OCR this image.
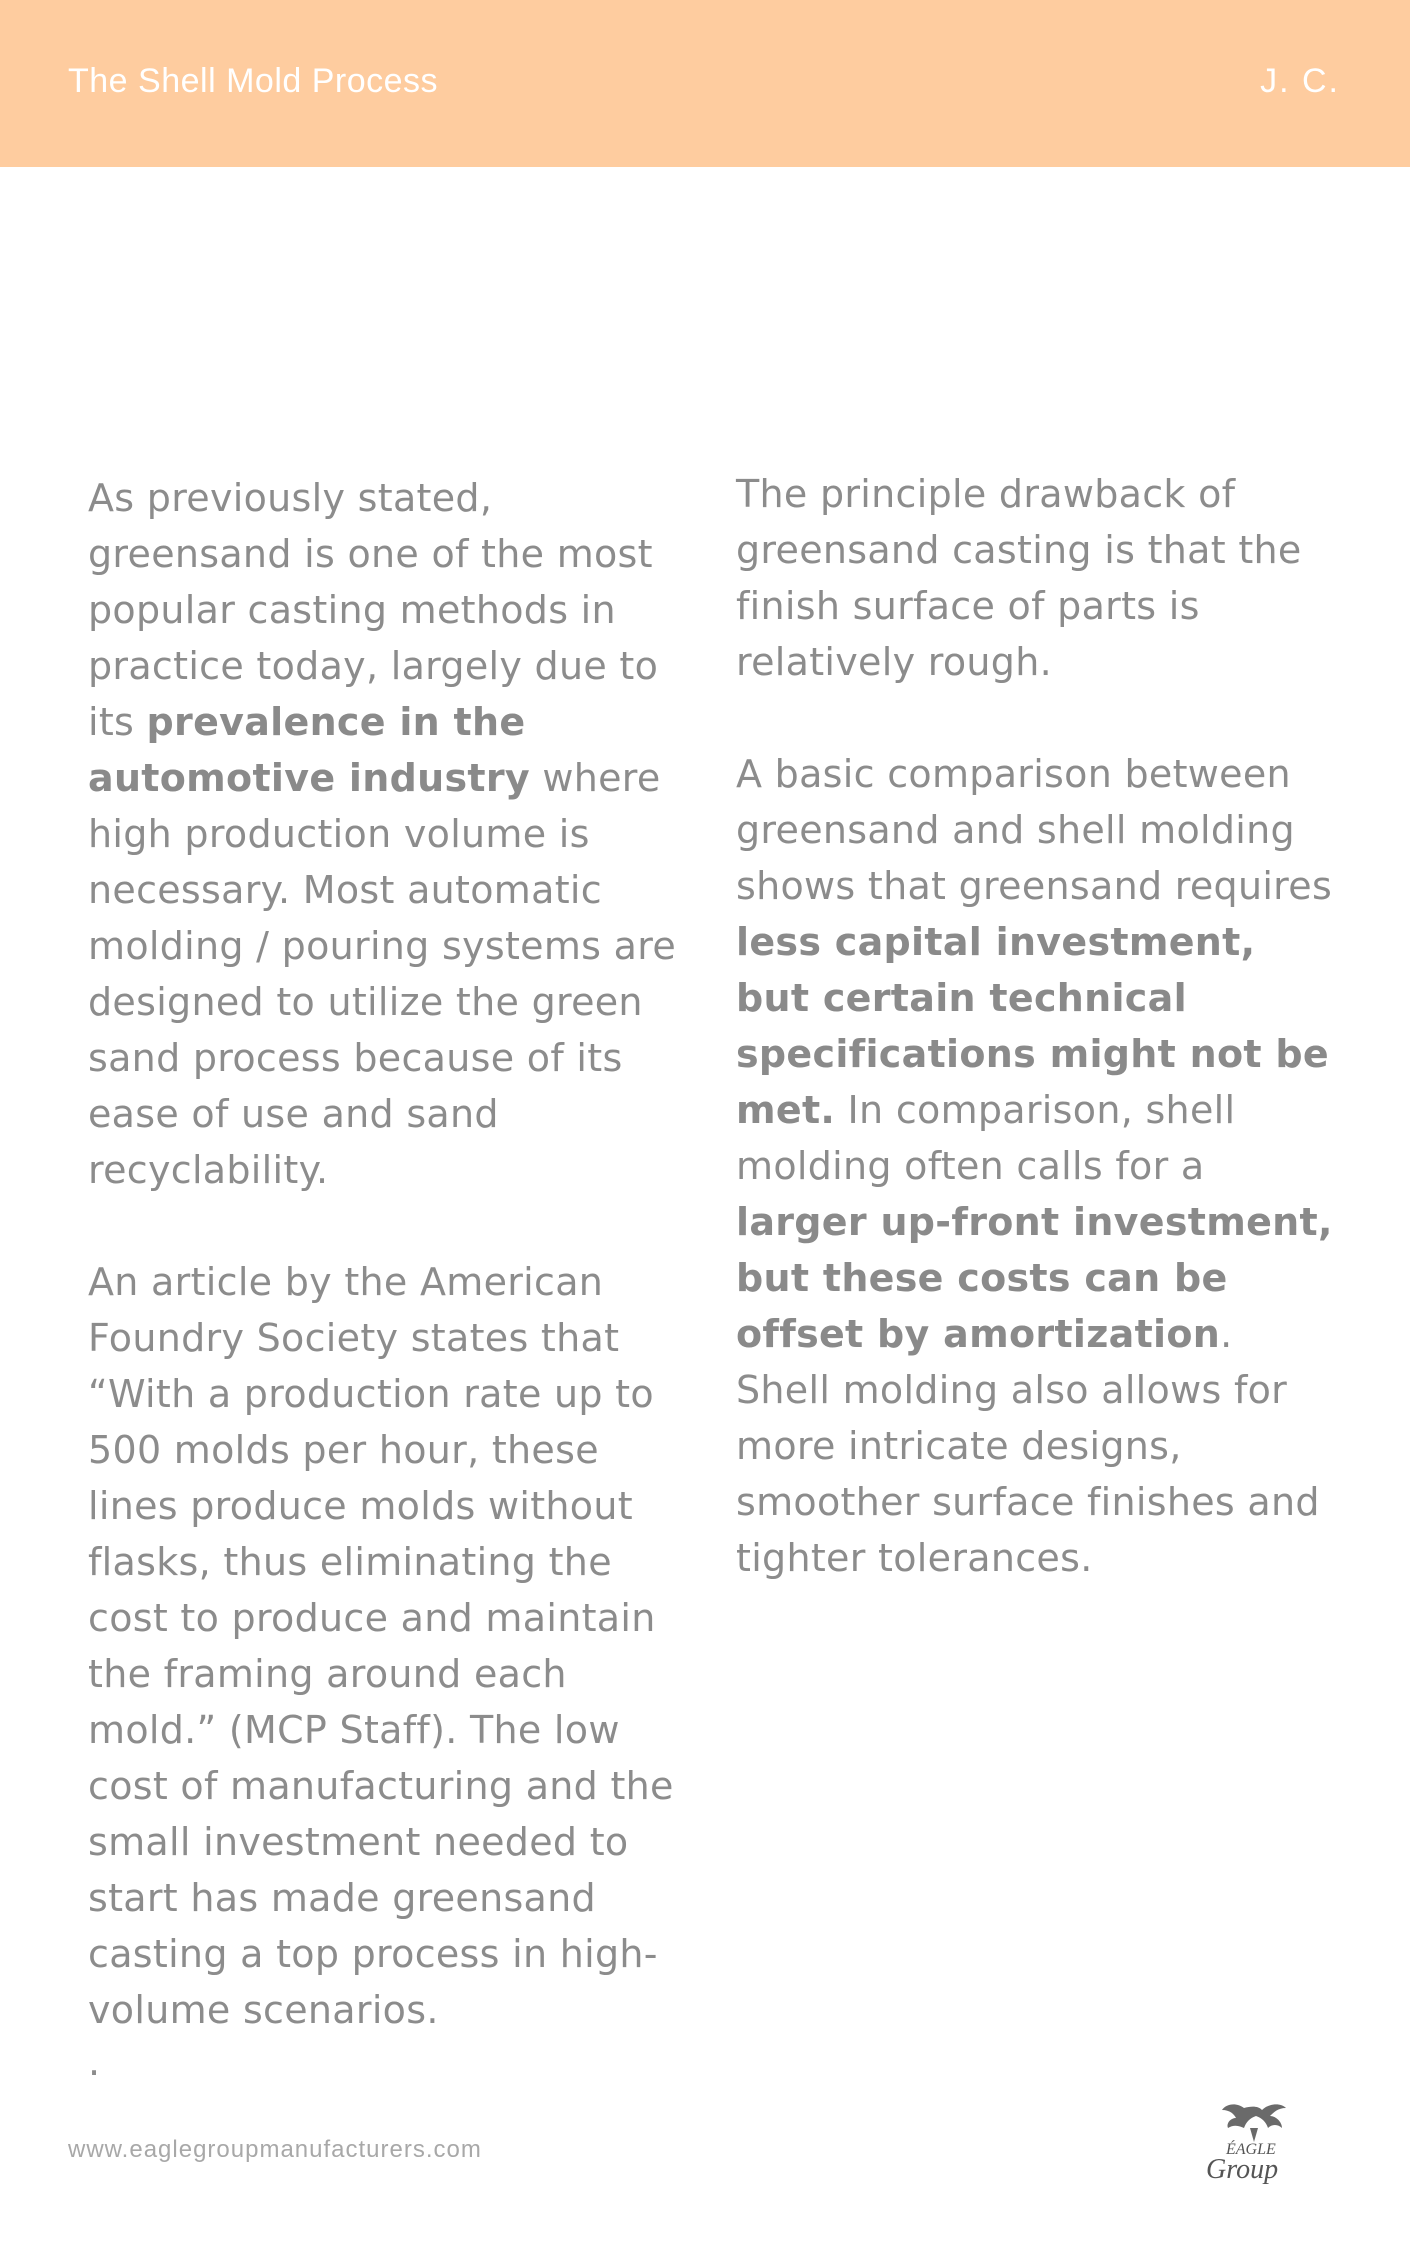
The Shell Mold Process	J. C.

As previously stated, greensand is one of the most popular casting methods in practice today, largely due to its prevalence in the automotive industry where high production volume is necessary. Most automatic molding / pouring systems are designed to utilize the green sand process because of its ease of use and sand recyclability.

An article by the American Foundry Society states that “With a production rate up to 500 molds per hour, these lines produce molds without flasks, thus eliminating the cost to produce and maintain the framing around each mold.” (MCP Staff). The low cost of manufacturing and the small investment needed to start has made greensand casting a top process in high-volume scenarios.

.

The principle drawback of greensand casting is that the finish surface of parts is relatively rough.

A basic comparison between greensand and shell molding shows that greensand requires less capital investment, but certain technical specifications might not be met. In comparison, shell molding often calls for a larger up-front investment, but these costs can be offset by amortization. Shell molding also allows for more intricate designs, smoother surface finishes and tighter tolerances.

www.eaglegroupmanufacturers.com	ÉAGLE
Group
